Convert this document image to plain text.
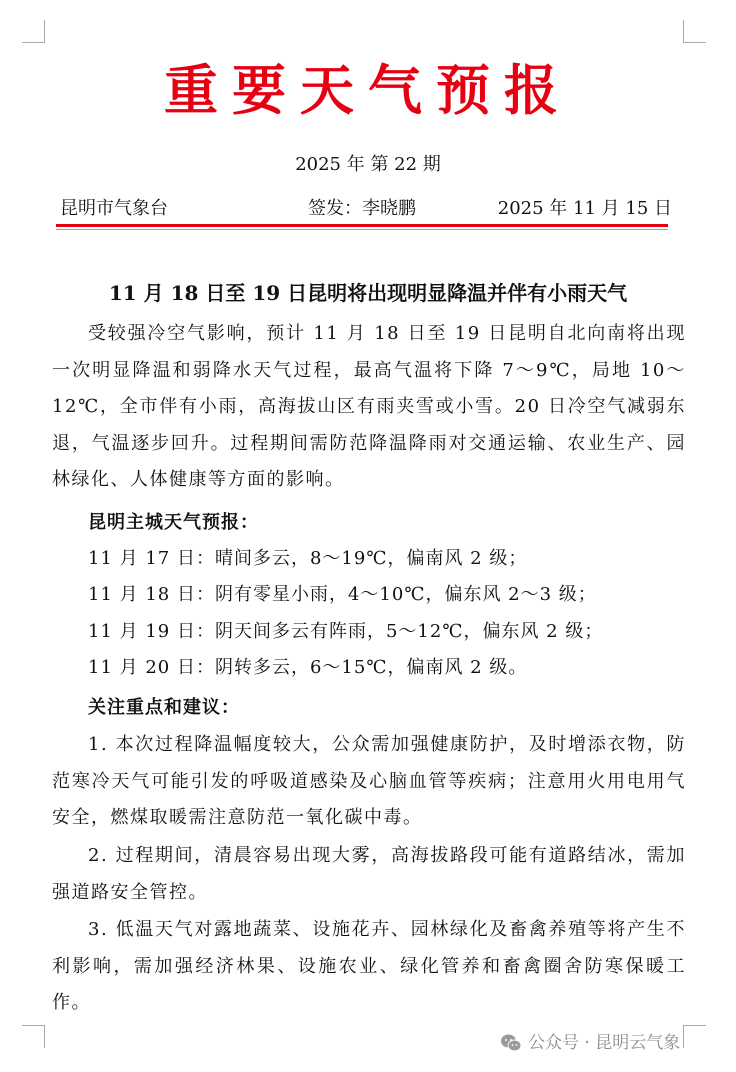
重要天气预报
2025 年 第 22 期
昆明市气象台	签发：李晓鹏	2025 年 11 月 15 日
11 月 18 日至 19 日昆明将出现明显降温并伴有小雨天气
受较强冷空气影响，预计 11 月 18 日至 19 日昆明自北向南将出现一次明显降温和弱降水天气过程，最高气温将下降 7～9℃，局地 10～12℃，全市伴有小雨，高海拔山区有雨夹雪或小雪。20 日冷空气减弱东退，气温逐步回升。过程期间需防范降温降雨对交通运输、农业生产、园林绿化、人体健康等方面的影响。
昆明主城天气预报：
11 月 17 日：晴间多云，8～19℃，偏南风 2 级；
11 月 18 日：阴有零星小雨，4～10℃，偏东风 2～3 级；
11 月 19 日：阴天间多云有阵雨，5～12℃，偏东风 2 级；
11 月 20 日：阴转多云，6～15℃，偏南风 2 级。
关注重点和建议：
1. 本次过程降温幅度较大，公众需加强健康防护，及时增添衣物，防范寒冷天气可能引发的呼吸道感染及心脑血管等疾病；注意用火用电用气安全，燃煤取暖需注意防范一氧化碳中毒。
2. 过程期间，清晨容易出现大雾，高海拔路段可能有道路结冰，需加强道路安全管控。
3. 低温天气对露地蔬菜、设施花卉、园林绿化及畜禽养殖等将产生不利影响，需加强经济林果、设施农业、绿化管养和畜禽圈舍防寒保暖工作。
公众号 · 昆明云气象
